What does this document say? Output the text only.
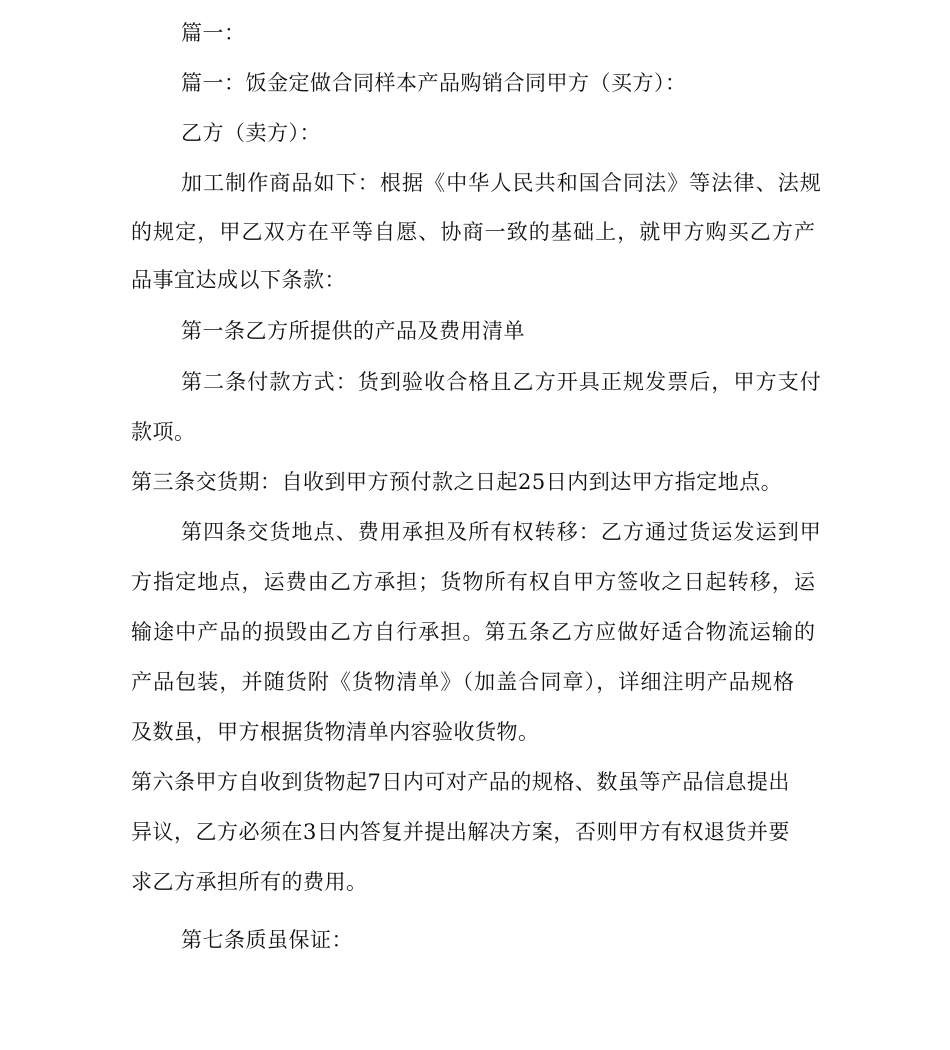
篇一：
篇一：饭金定做合同样本产品购销合同甲方（买方）：
乙方（卖方）：
加工制作商品如下：根据《中华人民共和国合同法》等法律、法规
的规定，甲乙双方在平等自愿、协商一致的基础上，就甲方购买乙方产
品事宜达成以下条款：
第一条乙方所提供的产品及费用清单
第二条付款方式：货到验收合格且乙方开具正规发票后，甲方支付
款项。
第三条交货期：自收到甲方预付款之日起25日内到达甲方指定地点。
第四条交货地点、费用承担及所有权转移：乙方通过货运发运到甲
方指定地点，运费由乙方承担；货物所有权自甲方签收之日起转移，运
输途中产品的损毁由乙方自行承担。第五条乙方应做好适合物流运输的
产品包装，并随货附《货物清单》（加盖合同章），详细注明产品规格
及数虽，甲方根据货物清单内容验收货物。
第六条甲方自收到货物起7日内可对产品的规格、数虽等产品信息提出
异议，乙方必须在3日内答复并提出解决方案，否则甲方有权退货并要
求乙方承担所有的费用。
第七条质虽保证：
